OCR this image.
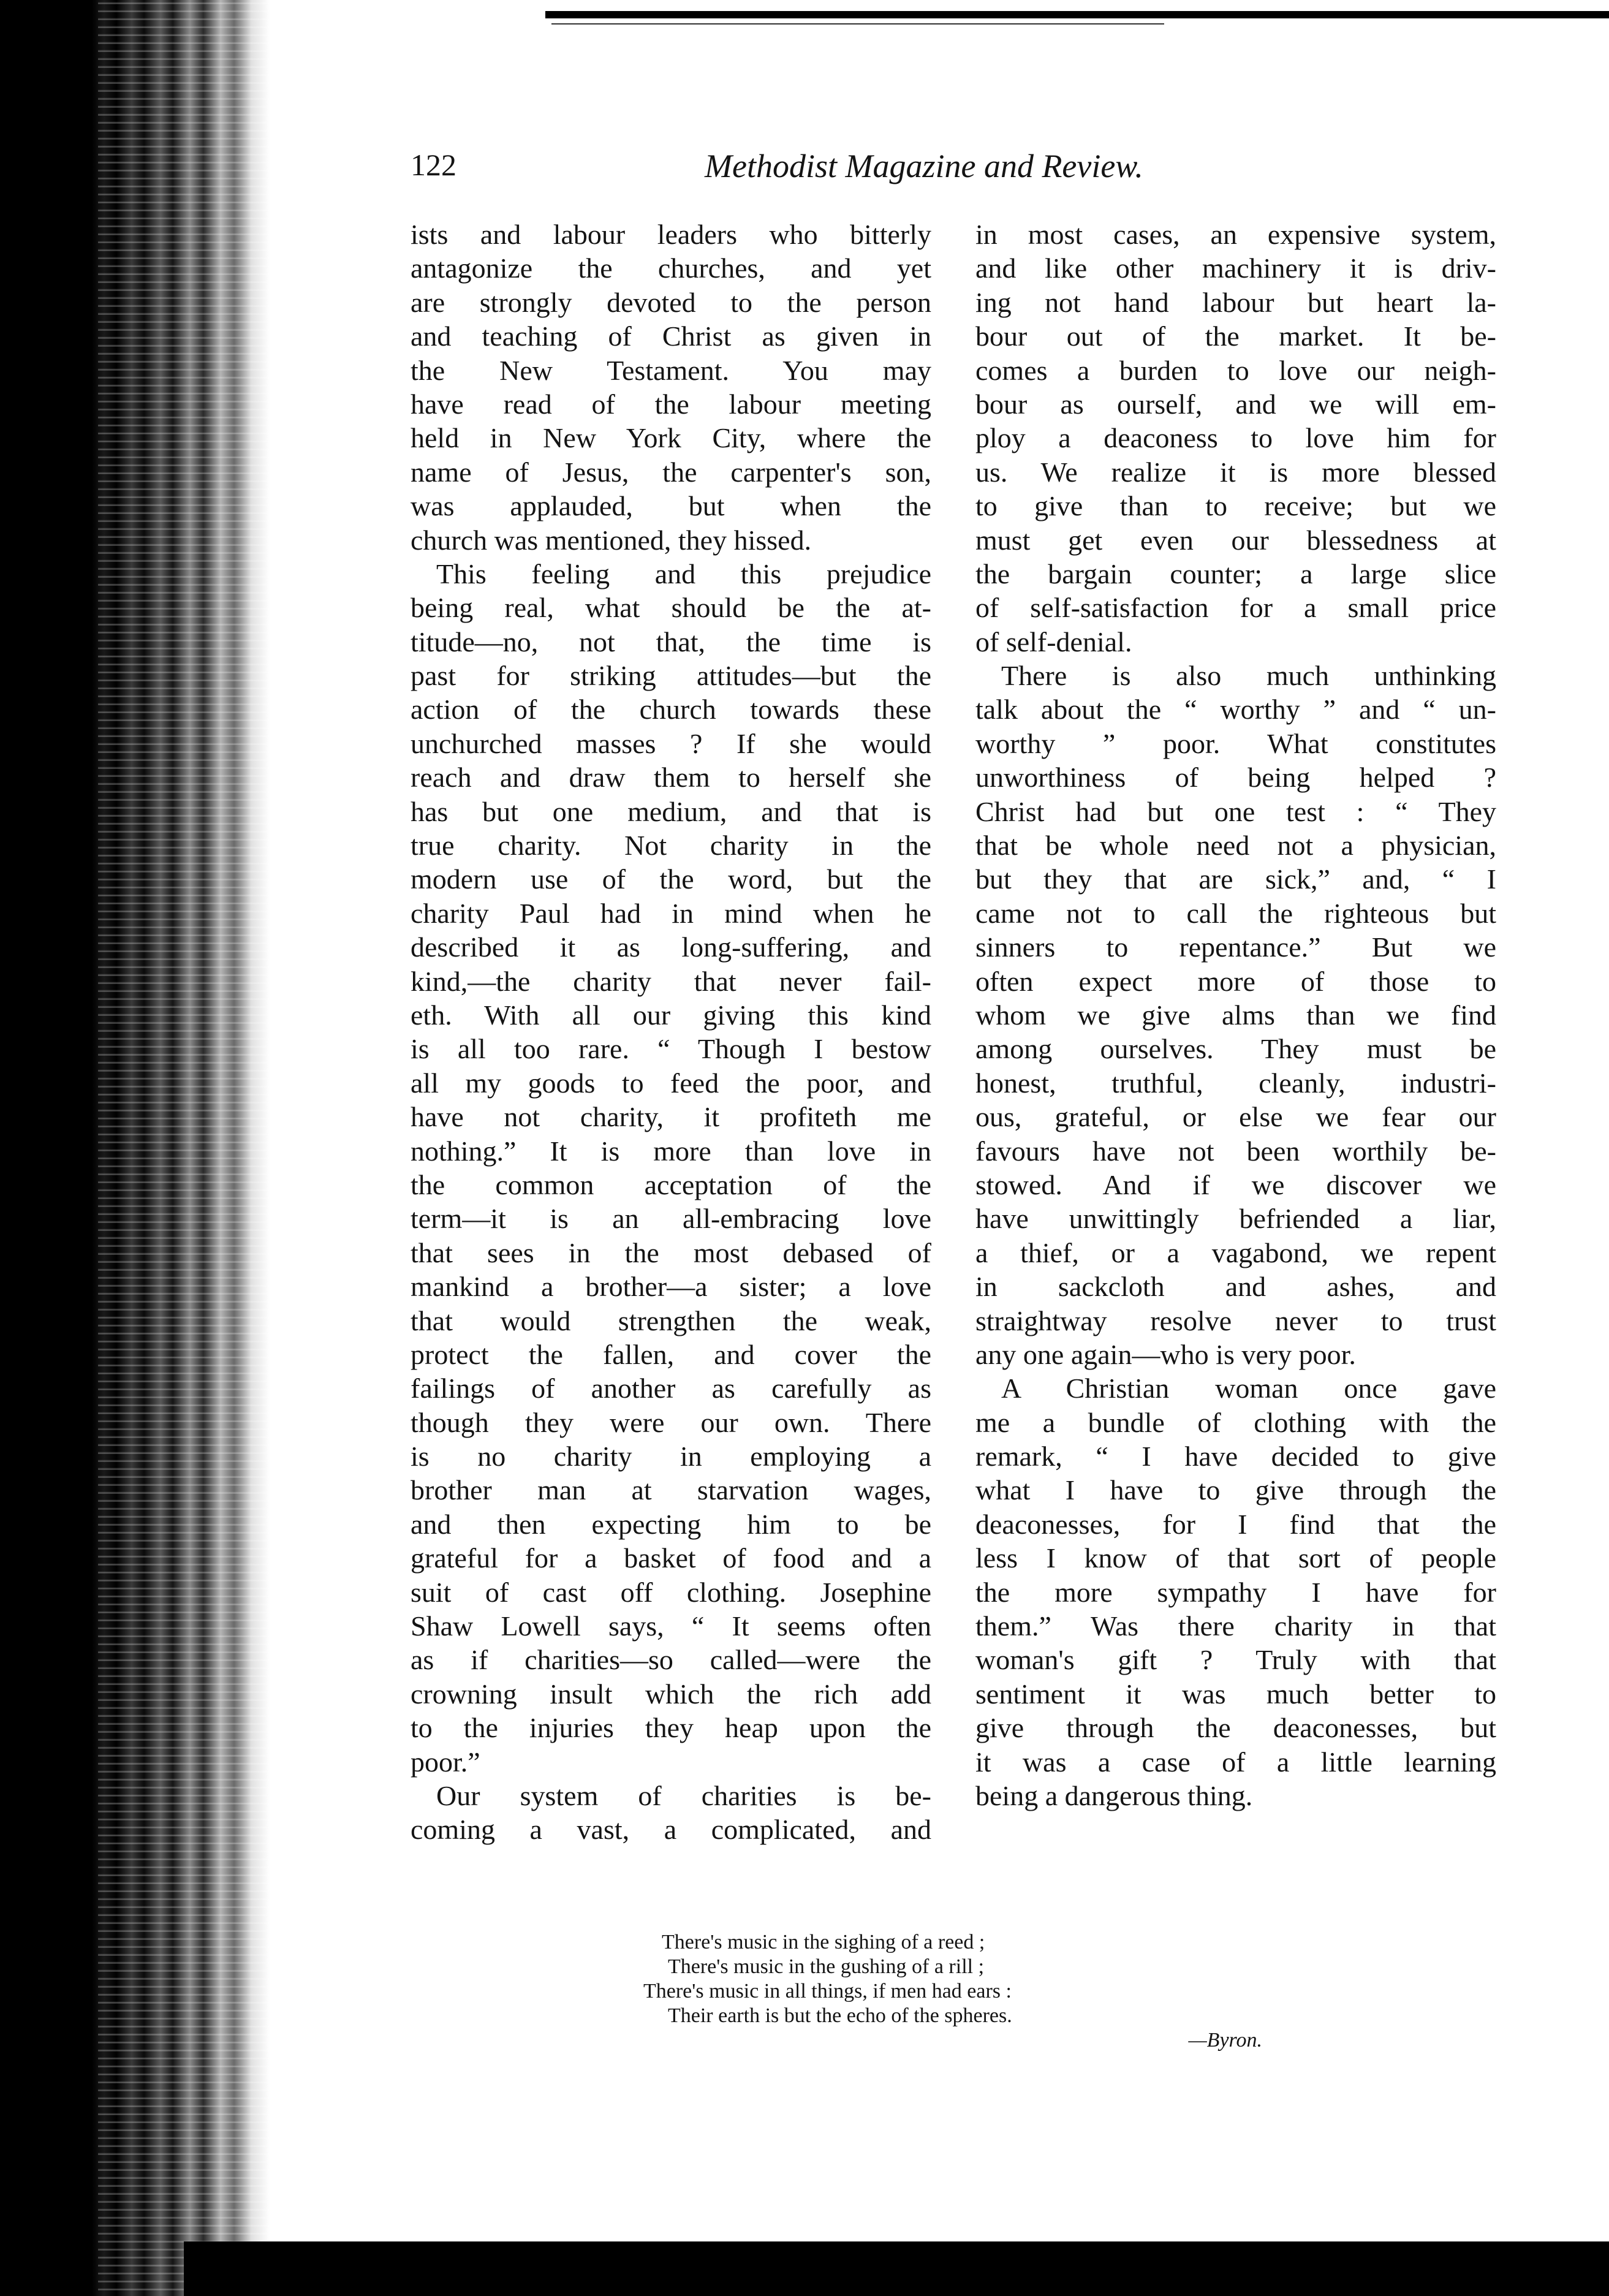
122	Methodist Magazine and Review.
ists and labour leaders who bitterly
antagonize the churches, and yet
are strongly devoted to the person
and teaching of Christ as given in
the New Testament. You may
have read of the labour meeting
held in New York City, where the
name of Jesus, the carpenter's son,
was applauded, but when the
church was mentioned, they hissed.
This feeling and this prejudice
being real, what should be the at-
titude—no, not that, the time is
past for striking attitudes—but the
action of the church towards these
unchurched masses ? If she would
reach and draw them to herself she
has but one medium, and that is
true charity. Not charity in the
modern use of the word, but the
charity Paul had in mind when he
described it as long-suffering, and
kind,—the charity that never fail-
eth. With all our giving this kind
is all too rare. “ Though I bestow
all my goods to feed the poor, and
have not charity, it profiteth me
nothing.” It is more than love in
the common acceptation of the
term—it is an all-embracing love
that sees in the most debased of
mankind a brother—a sister; a love
that would strengthen the weak,
protect the fallen, and cover the
failings of another as carefully as
though they were our own. There
is no charity in employing a
brother man at starvation wages,
and then expecting him to be
grateful for a basket of food and a
suit of cast off clothing. Josephine
Shaw Lowell says, “ It seems often
as if charities—so called—were the
crowning insult which the rich add
to the injuries they heap upon the
poor.”
Our system of charities is be-
coming a vast, a complicated, and
in most cases, an expensive system,
and like other machinery it is driv-
ing not hand labour but heart la-
bour out of the market. It be-
comes a burden to love our neigh-
bour as ourself, and we will em-
ploy a deaconess to love him for
us. We realize it is more blessed
to give than to receive; but we
must get even our blessedness at
the bargain counter; a large slice
of self-satisfaction for a small price
of self-denial.
There is also much unthinking
talk about the “ worthy ” and “ un-
worthy ” poor. What constitutes
unworthiness of being helped ?
Christ had but one test : “ They
that be whole need not a physician,
but they that are sick,” and, “ I
came not to call the righteous but
sinners to repentance.” But we
often expect more of those to
whom we give alms than we find
among ourselves. They must be
honest, truthful, cleanly, industri-
ous, grateful, or else we fear our
favours have not been worthily be-
stowed. And if we discover we
have unwittingly befriended a liar,
a thief, or a vagabond, we repent
in sackcloth and ashes, and
straightway resolve never to trust
any one again—who is very poor.
A Christian woman once gave
me a bundle of clothing with the
remark, “ I have decided to give
what I have to give through the
deaconesses, for I find that the
less I know of that sort of people
the more sympathy I have for
them.” Was there charity in that
woman's gift ? Truly with that
sentiment it was much better to
give through the deaconesses, but
it was a case of a little learning
being a dangerous thing.
There's music in the sighing of a reed ;
There's music in the gushing of a rill ;
There's music in all things, if men had ears :
Their earth is but the echo of the spheres.
—Byron.
